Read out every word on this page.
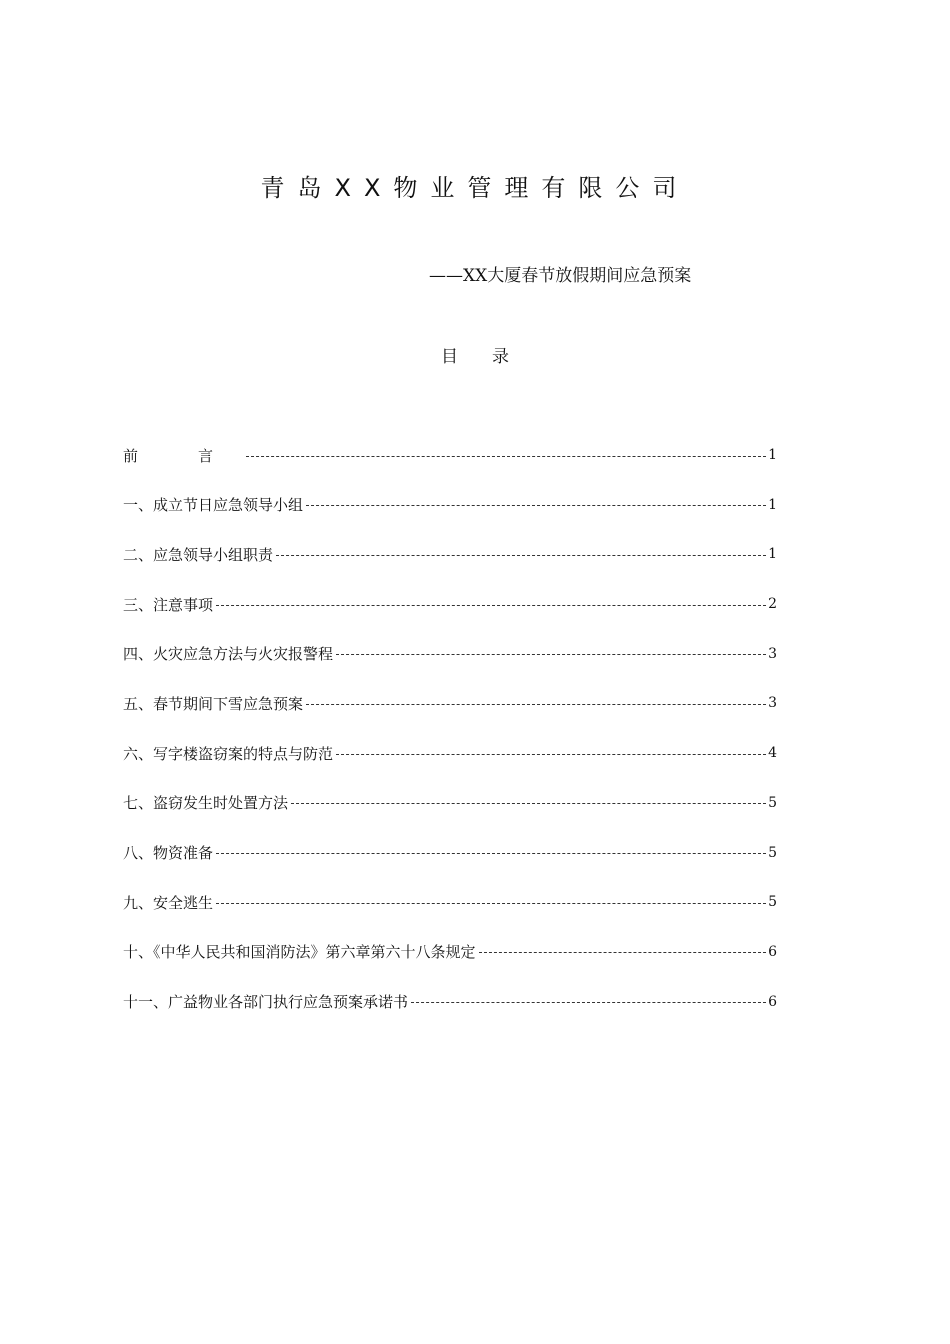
青岛XX物业管理有限公司

——XX大厦春节放假期间应急预案

目录
前言	1
一、成立节日应急领导小组	1
二、应急领导小组职责	1
三、注意事项	2
四、火灾应急方法与火灾报警程	3
五、春节期间下雪应急预案	3
六、写字楼盗窃案的特点与防范	4
七、盗窃发生时处置方法	5
八、物资准备	5
九、安全逃生	5
十、《中华人民共和国消防法》第六章第六十八条规定	6
十一、广益物业各部门执行应急预案承诺书	6
